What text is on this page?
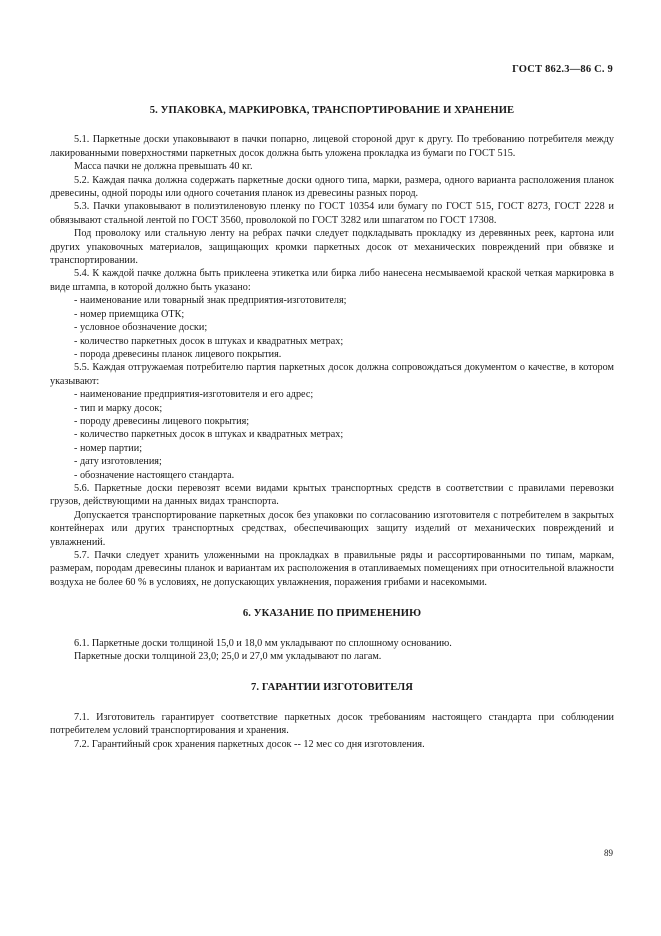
ГОСТ 862.3—86 С. 9
5. УПАКОВКА, МАРКИРОВКА, ТРАНСПОРТИРОВАНИЕ И ХРАНЕНИЕ

5.1. Паркетные доски упаковывают в пачки попарно, лицевой стороной друг к другу. По требованию потребителя между лакированными поверхностями паркетных досок должна быть уложена прокладка из бумаги по ГОСТ 515.

Масса пачки не должна превышать 40 кг.

5.2. Каждая пачка должна содержать паркетные доски одного типа, марки, размера, одного варианта расположения планок древесины, одной породы или одного сочетания планок из древесины разных пород.

5.3. Пачки упаковывают в полиэтиленовую пленку по ГОСТ 10354 или бумагу по ГОСТ 515, ГОСТ 8273, ГОСТ 2228 и обвязывают стальной лентой по ГОСТ 3560, проволокой по ГОСТ 3282 или шпагатом по ГОСТ 17308.

Под проволоку или стальную ленту на ребрах пачки следует подкладывать прокладку из деревянных реек, картона или других упаковочных материалов, защищающих кромки паркетных досок от механических повреждений при обвязке и транспортировании.

5.4. К каждой пачке должна быть приклеена этикетка или бирка либо нанесена несмываемой краской четкая маркировка в виде штампа, в которой должно быть указано:

- наименование или товарный знак предприятия-изготовителя;

- номер приемщика ОТК;

- условное обозначение доски;

- количество паркетных досок в штуках и квадратных метрах;

- порода древесины планок лицевого покрытия.

5.5. Каждая отгружаемая потребителю партия паркетных досок должна сопровождаться документом о качестве, в котором указывают:

- наименование предприятия-изготовителя и его адрес;

- тип и марку досок;

- породу древесины лицевого покрытия;

- количество паркетных досок в штуках и квадратных метрах;

- номер партии;

- дату изготовления;

- обозначение настоящего стандарта.

5.6. Паркетные доски перевозят всеми видами крытых транспортных средств в соответствии с правилами перевозки грузов, действующими на данных видах транспорта.

Допускается транспортирование паркетных досок без упаковки по согласованию изготовителя с потребителем в закрытых контейнерах или других транспортных средствах, обеспечивающих защиту изделий от механических повреждений и увлажнений.

5.7. Пачки следует хранить уложенными на прокладках в правильные ряды и рассортированными по типам, маркам, размерам, породам древесины планок и вариантам их расположения в отапливаемых помещениях при относительной влажности воздуха не более 60 % в условиях, не допускающих увлажнения, поражения грибами и насекомыми.

6. УКАЗАНИЕ ПО ПРИМЕНЕНИЮ

6.1. Паркетные доски толщиной 15,0 и 18,0 мм укладывают по сплошному основанию.

Паркетные доски толщиной 23,0; 25,0 и 27,0 мм укладывают по лагам.

7. ГАРАНТИИ ИЗГОТОВИТЕЛЯ

7.1. Изготовитель гарантирует соответствие паркетных досок требованиям настоящего стандарта при соблюдении потребителем условий транспортирования и хранения.

7.2. Гарантийный срок хранения паркетных досок -- 12 мес со дня изготовления.

89
